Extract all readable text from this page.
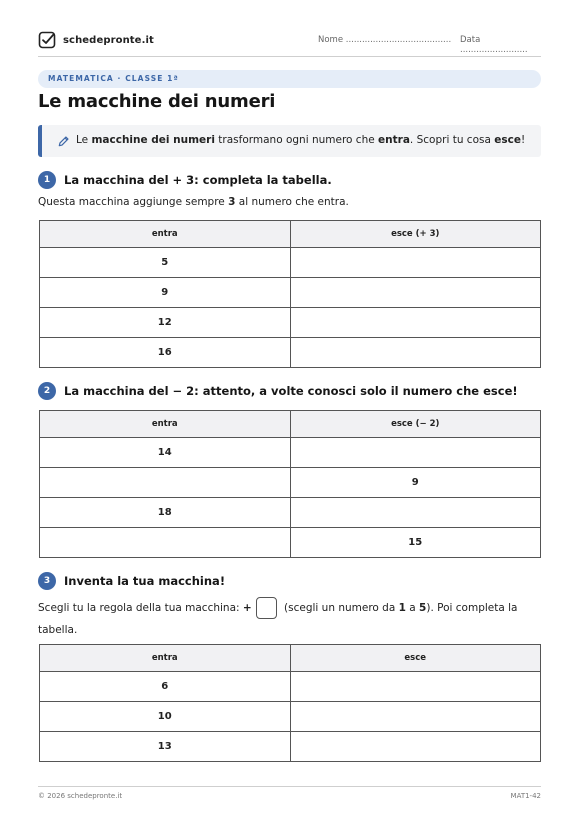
schedepronte.it	Nome ....................................... Data .........................
MATEMATICA · CLASSE 1ª
Le macchine dei numeri
Le macchine dei numeri trasformano ogni numero che entra. Scopri tu cosa esce!
1	La macchina del + 3: completa la tabella.
Questa macchina aggiunge sempre 3 al numero che entra.
entra	esce (+ 3)
5	
9	
12	
16	
2	La macchina del − 2: attento, a volte conosci solo il numero che esce!
entra	esce (− 2)
14	
	9
18	
	15
3	Inventa la tua macchina!
Scegli tu la regola della tua macchina: +	(scegli un numero da 1 a 5). Poi completa la tabella.
entra	esce
6	
10	
13	
© 2026 schedepronte.it	MAT1-42
